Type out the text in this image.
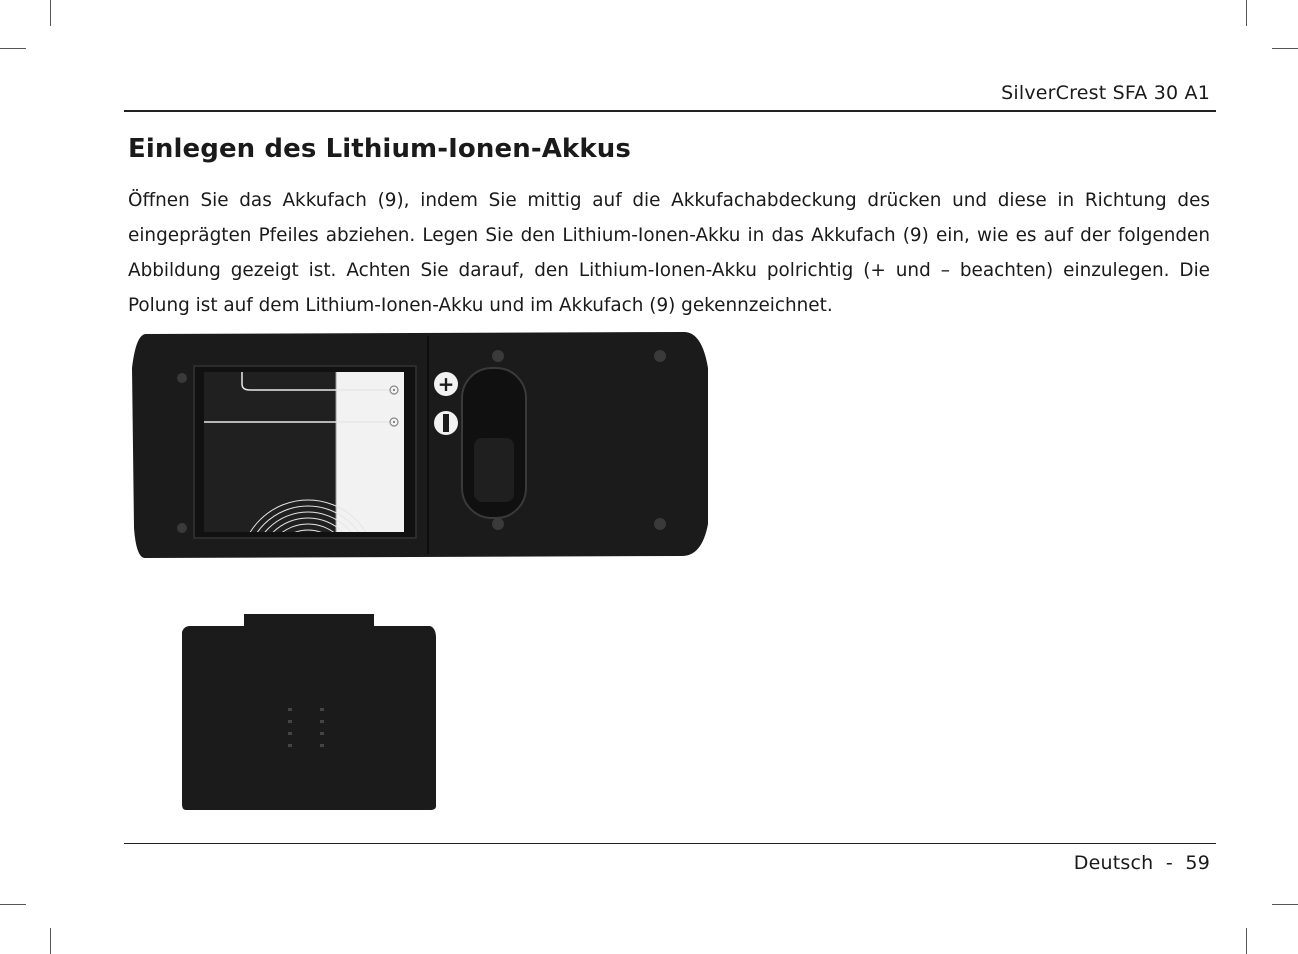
SilverCrest SFA 30 A1
Einlegen des Lithium-Ionen-Akkus

Öffnen Sie das Akkufach (9), indem Sie mittig auf die Akkufachabdeckung drücken und diese in Richtung des eingeprägten Pfeiles abziehen. Legen Sie den Lithium-Ionen-Akku in das Akkufach (9) ein, wie es auf der folgenden Abbildung gezeigt ist. Achten Sie darauf, den Lithium-Ionen-Akku polrichtig (+ und – beachten) einzulegen. Die Polung ist auf dem Lithium-Ionen-Akku und im Akkufach (9) gekennzeichnet.

+
Deutsch  -  59
